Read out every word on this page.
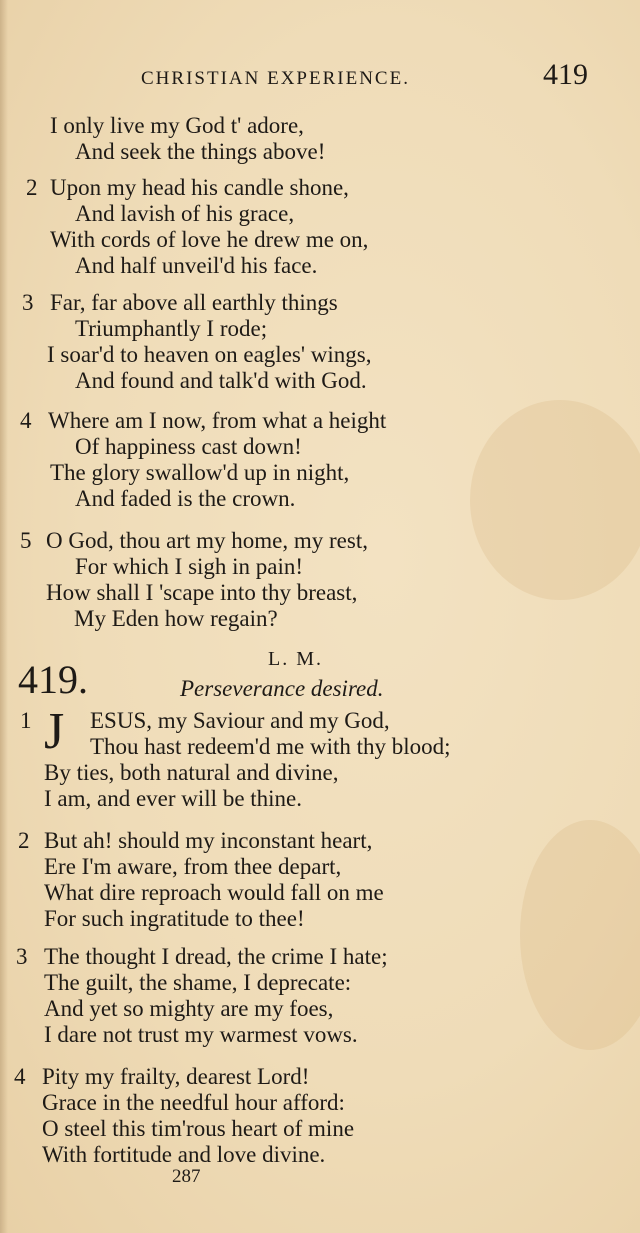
CHRISTIAN EXPERIENCE.	419
I only live my God t' adore,
And seek the things above!
2 Upon my head his candle shone,
And lavish of his grace,
With cords of love he drew me on,
And half unveil'd his face.
3 Far, far above all earthly things
Triumphantly I rode;
I soar'd to heaven on eagles' wings,
And found and talk'd with God.
4 Where am I now, from what a height
Of happiness cast down!
The glory swallow'd up in night,
And faded is the crown.
5 O God, thou art my home, my rest,
For which I sigh in pain!
How shall I 'scape into thy breast,
My Eden how regain?
419.	L. M.
Perseverance desired.
1 J ESUS, my Saviour and my God,
Thou hast redeem'd me with thy blood;
By ties, both natural and divine,
I am, and ever will be thine.
2 But ah! should my inconstant heart,
Ere I'm aware, from thee depart,
What dire reproach would fall on me
For such ingratitude to thee!
3 The thought I dread, the crime I hate;
The guilt, the shame, I deprecate:
And yet so mighty are my foes,
I dare not trust my warmest vows.
4 Pity my frailty, dearest Lord!
Grace in the needful hour afford:
O steel this tim'rous heart of mine
With fortitude and love divine.
287
